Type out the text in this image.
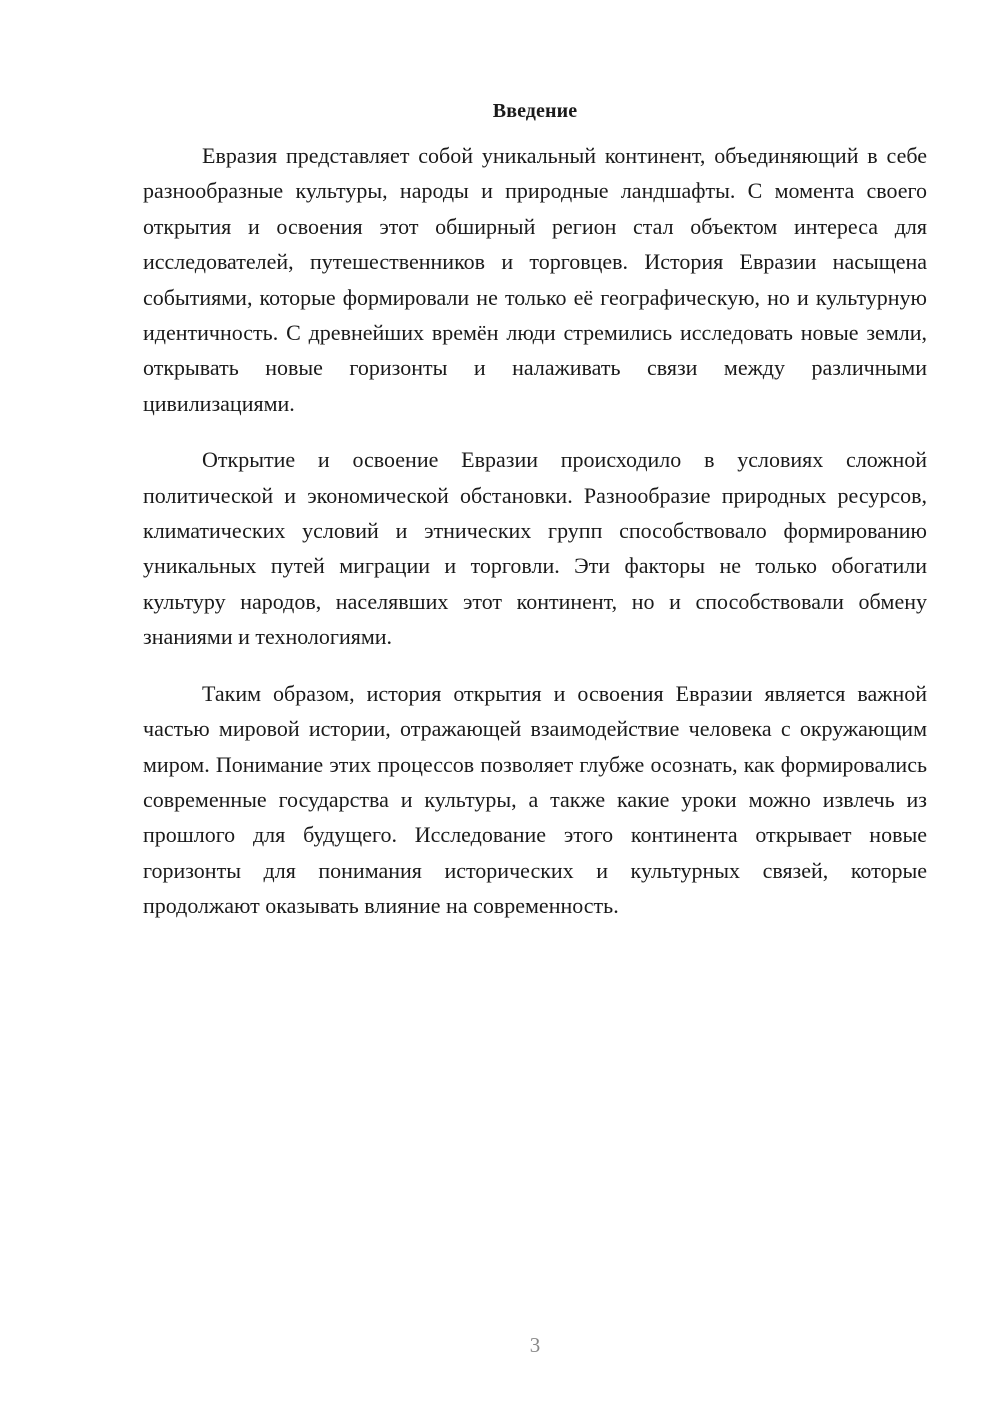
Введение

Евразия представляет собой уникальный континент, объединяющий в себе разнообразные культуры, народы и природные ландшафты. С момента своего открытия и освоения этот обширный регион стал объектом интереса для исследователей, путешественников и торговцев. История Евразии насыщена событиями, которые формировали не только её географическую, но и культурную идентичность. С древнейших времён люди стремились исследовать новые земли, открывать новые горизонты и налаживать связи между различными цивилизациями.

Открытие и освоение Евразии происходило в условиях сложной политической и экономической обстановки. Разнообразие природных ресурсов, климатических условий и этнических групп способствовало формированию уникальных путей миграции и торговли. Эти факторы не только обогатили культуру народов, населявших этот континент, но и способствовали обмену знаниями и технологиями.

Таким образом, история открытия и освоения Евразии является важной частью мировой истории, отражающей взаимодействие человека с окружающим миром. Понимание этих процессов позволяет глубже осознать, как формировались современные государства и культуры, а также какие уроки можно извлечь из прошлого для будущего. Исследование этого континента открывает новые горизонты для понимания исторических и культурных связей, которые продолжают оказывать влияние на современность.

3
